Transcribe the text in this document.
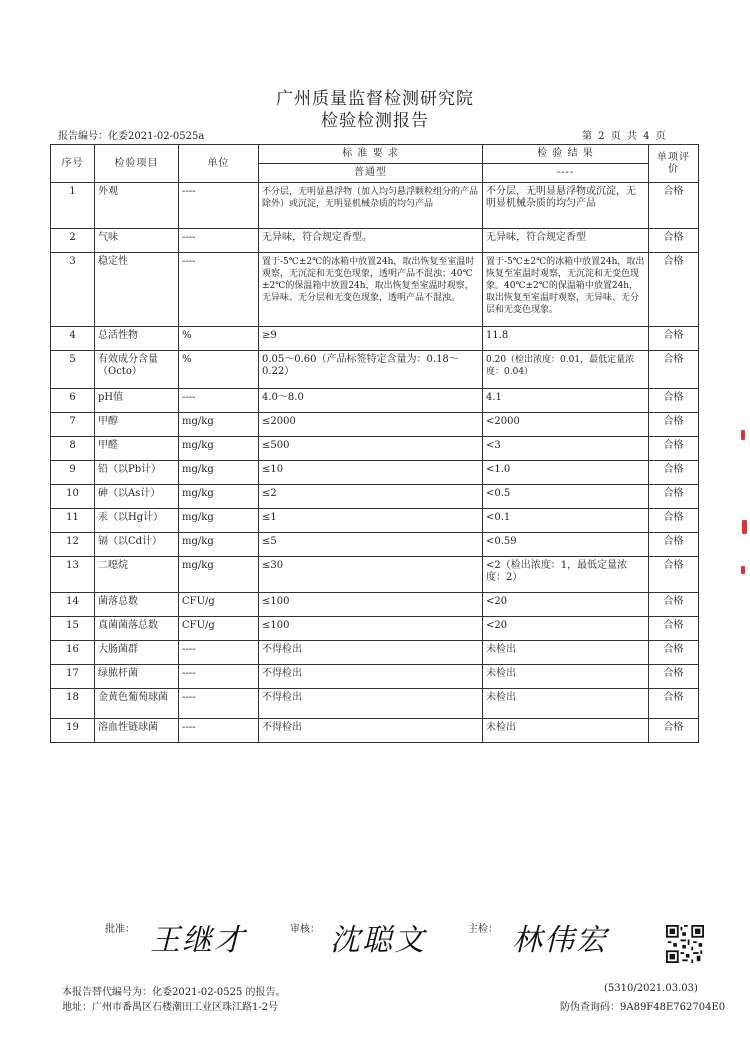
广州质量监督检测研究院
检验检测报告
报告编号：化委2021-02-0525a	第 2 页 共 4 页
序号	检验项目	单位	标 准 要 求	检 验 结 果	单项评价
			普通型	----	
1	外观	----	不分层，无明显悬浮物（加入均匀悬浮颗粒组分的产品除外）或沉淀，无明显机械杂质的均匀产品	不分层，无明显悬浮物或沉淀，无明显机械杂质的均匀产品	合格
2	气味	----	无异味，符合规定香型。	无异味，符合规定香型	合格
3	稳定性	----	置于-5℃±2℃的冰箱中放置24h，取出恢复至室温时观察，无沉淀和无变色现象，透明产品不混浊；40℃±2℃的保温箱中放置24h，取出恢复至室温时观察，无异味、无分层和无变色现象，透明产品不混浊。	置于-5℃±2℃的冰箱中放置24h，取出恢复至室温时观察，无沉淀和无变色现象。40℃±2℃的保温箱中放置24h，取出恢复至室温时观察，无异味、无分层和无变色现象。	合格
4	总活性物	%	≥9	11.8	合格
5	有效成分含量（Octo）	%	0.05～0.60（产品标签特定含量为：0.18～0.22）	0.20（检出浓度：0.01，最低定量浓度：0.04）	合格
6	pH值	----	4.0～8.0	4.1	合格
7	甲醇	mg/kg	≤2000	<2000	合格
8	甲醛	mg/kg	≤500	<3	合格
9	铅（以Pb计）	mg/kg	≤10	<1.0	合格
10	砷（以As计）	mg/kg	≤2	<0.5	合格
11	汞（以Hg计）	mg/kg	≤1	<0.1	合格
12	镉（以Cd计）	mg/kg	≤5	<0.59	合格
13	二噁烷	mg/kg	≤30	<2（检出浓度：1，最低定量浓度：2）	合格
14	菌落总数	CFU/g	≤100	<20	合格
15	真菌菌落总数	CFU/g	≤100	<20	合格
16	大肠菌群	----	不得检出	未检出	合格
17	绿脓杆菌	----	不得检出	未检出	合格
18	金黄色葡萄球菌	----	不得检出	未检出	合格
19	溶血性链球菌	----	不得检出	未检出	合格
批准： 王继才	审核： 沈聪文	主检： 林伟宏
本报告替代编号为：化委2021-02-0525 的报告。
地址：广州市番禺区石楼潮田工业区珠江路1-2号
(5310/2021.03.03)
防伪查询码：9A89F48E762704E0
